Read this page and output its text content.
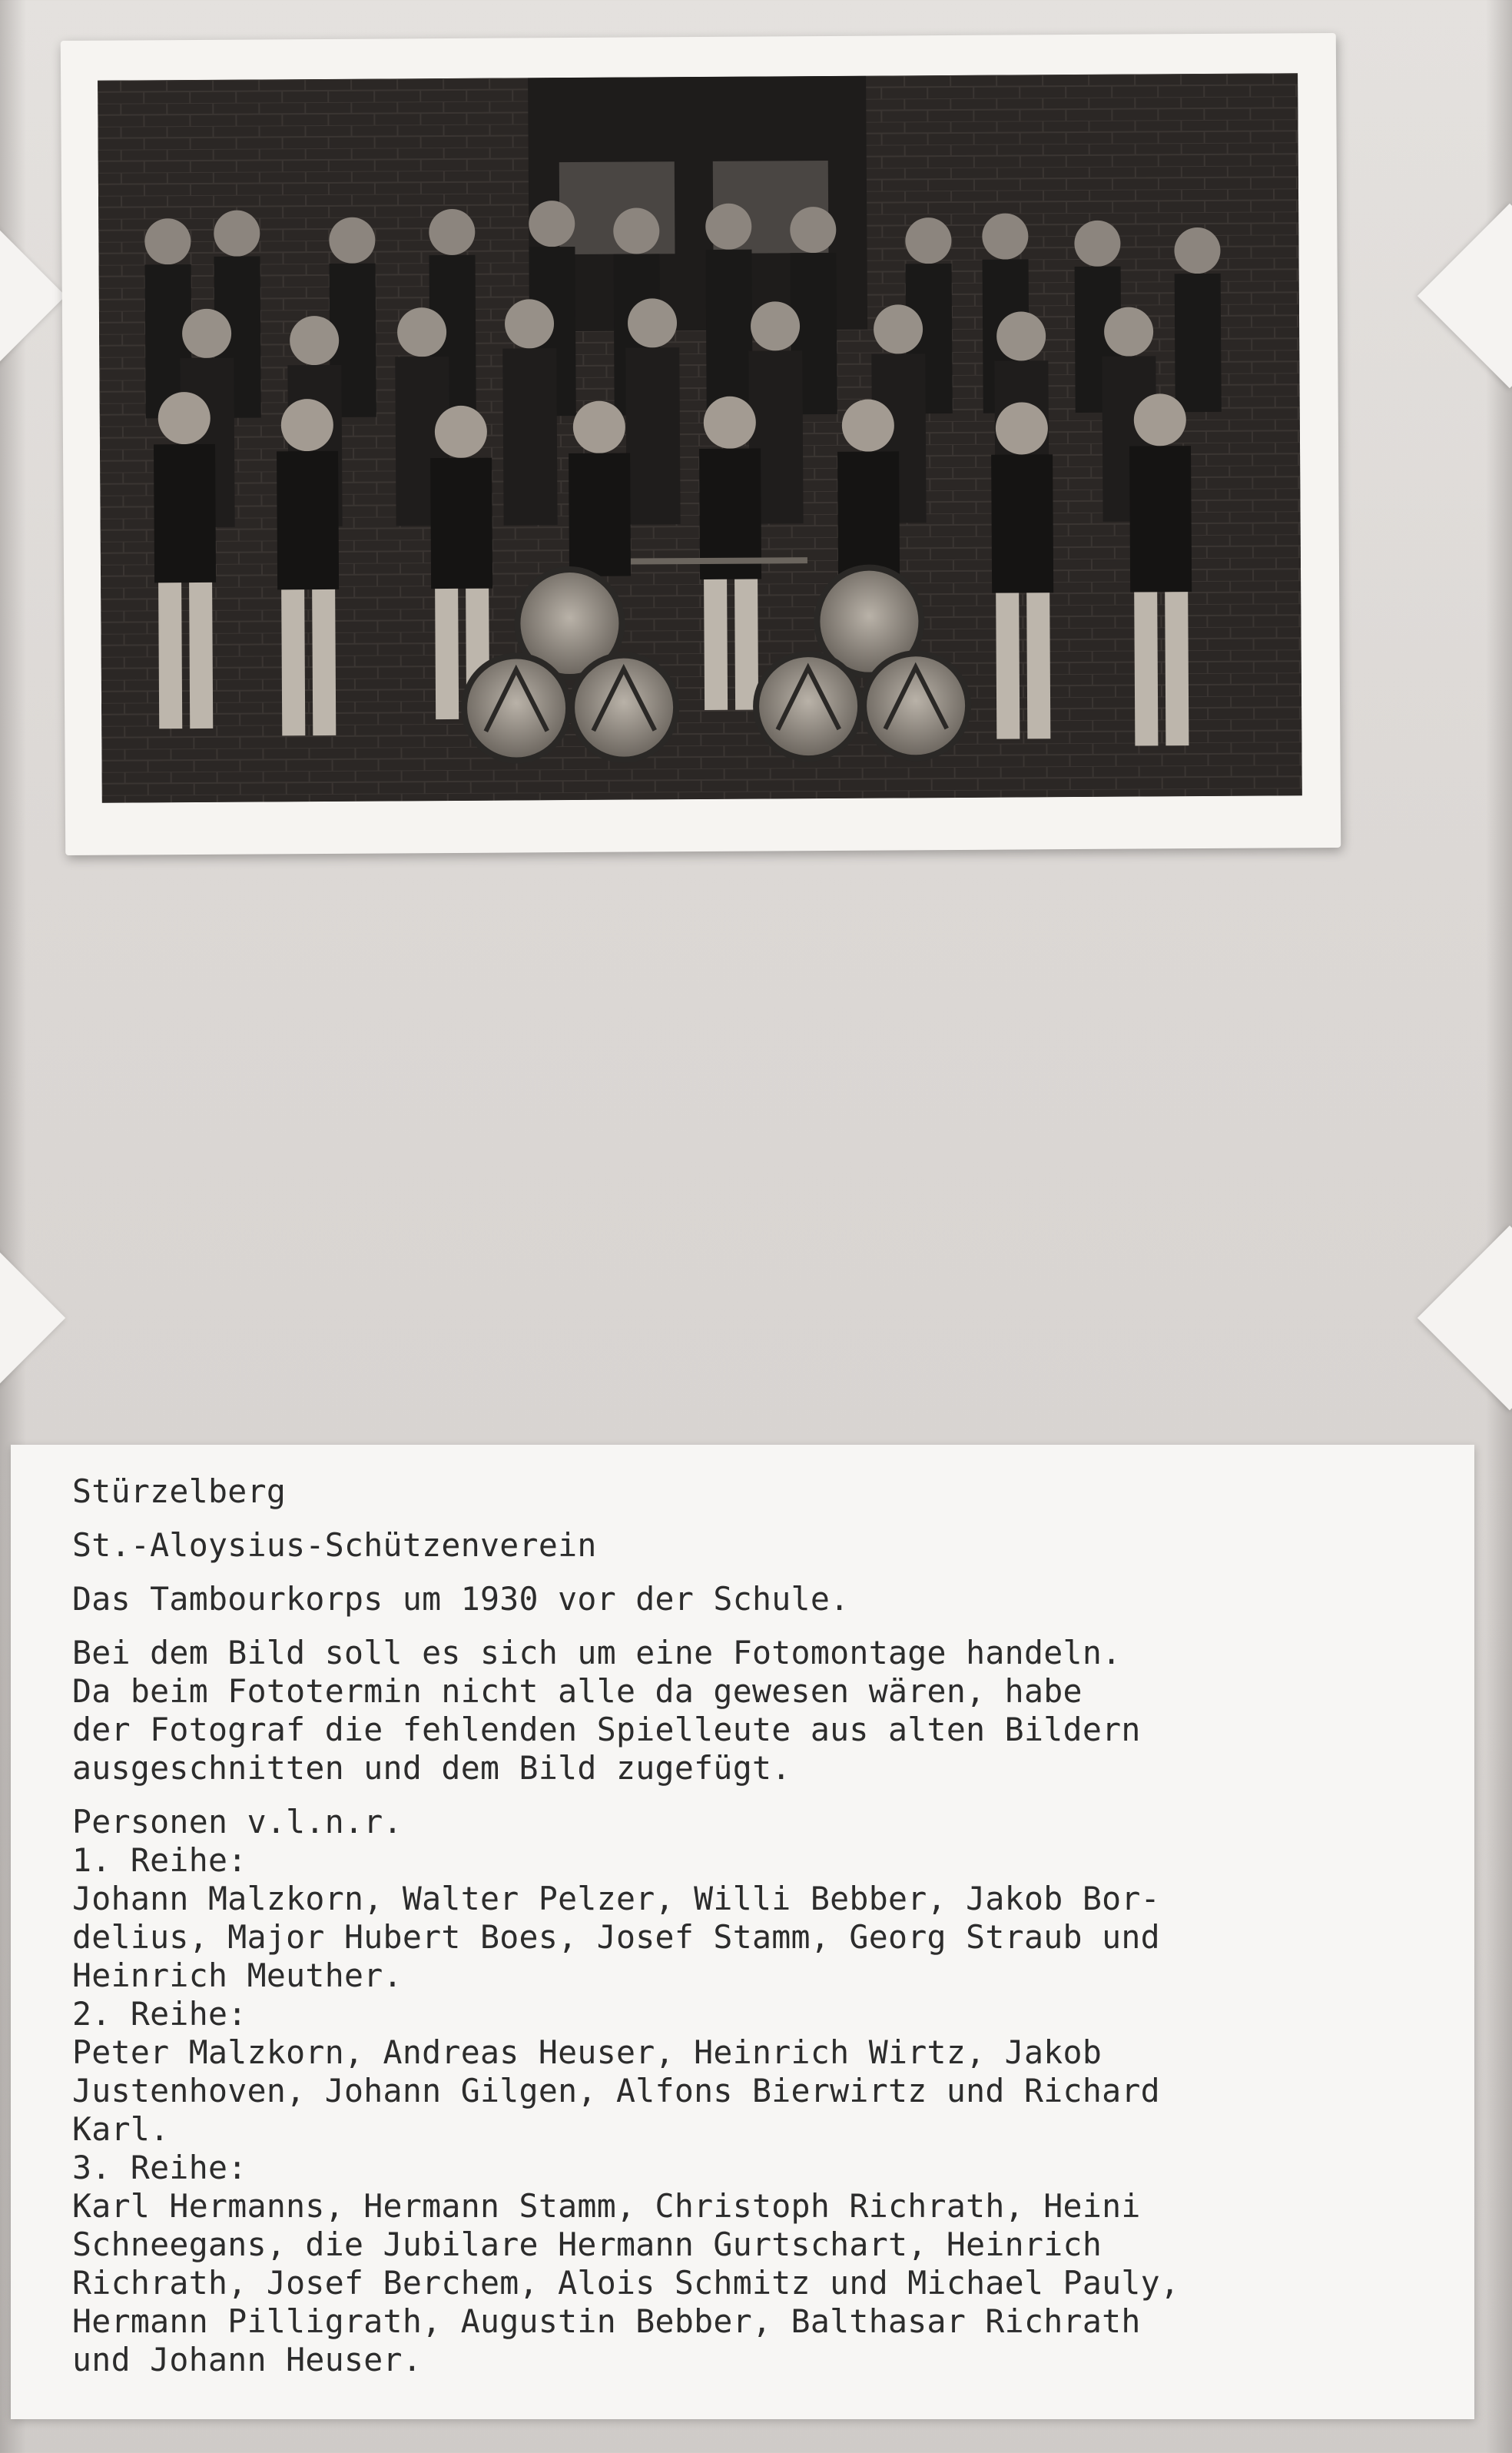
Stürzelberg
St.-Aloysius-Schützenverein
Das Tambourkorps um 1930 vor der Schule.
Bei dem Bild soll es sich um eine Fotomontage handeln.
Da beim Fototermin nicht alle da gewesen wären, habe
der Fotograf die fehlenden Spielleute aus alten Bildern
ausgeschnitten und dem Bild zugefügt.
Personen v.l.n.r.
1. Reihe:
Johann Malzkorn, Walter Pelzer, Willi Bebber, Jakob Bor-
delius, Major Hubert Boes, Josef Stamm, Georg Straub und
Heinrich Meuther.
2. Reihe:
Peter Malzkorn, Andreas Heuser, Heinrich Wirtz, Jakob
Justenhoven, Johann Gilgen, Alfons Bierwirtz und Richard
Karl.
3. Reihe:
Karl Hermanns, Hermann Stamm, Christoph Richrath, Heini
Schneegans, die Jubilare Hermann Gurtschart, Heinrich
Richrath, Josef Berchem, Alois Schmitz und Michael Pauly,
Hermann Pilligrath, Augustin Bebber, Balthasar Richrath
und Johann Heuser.
